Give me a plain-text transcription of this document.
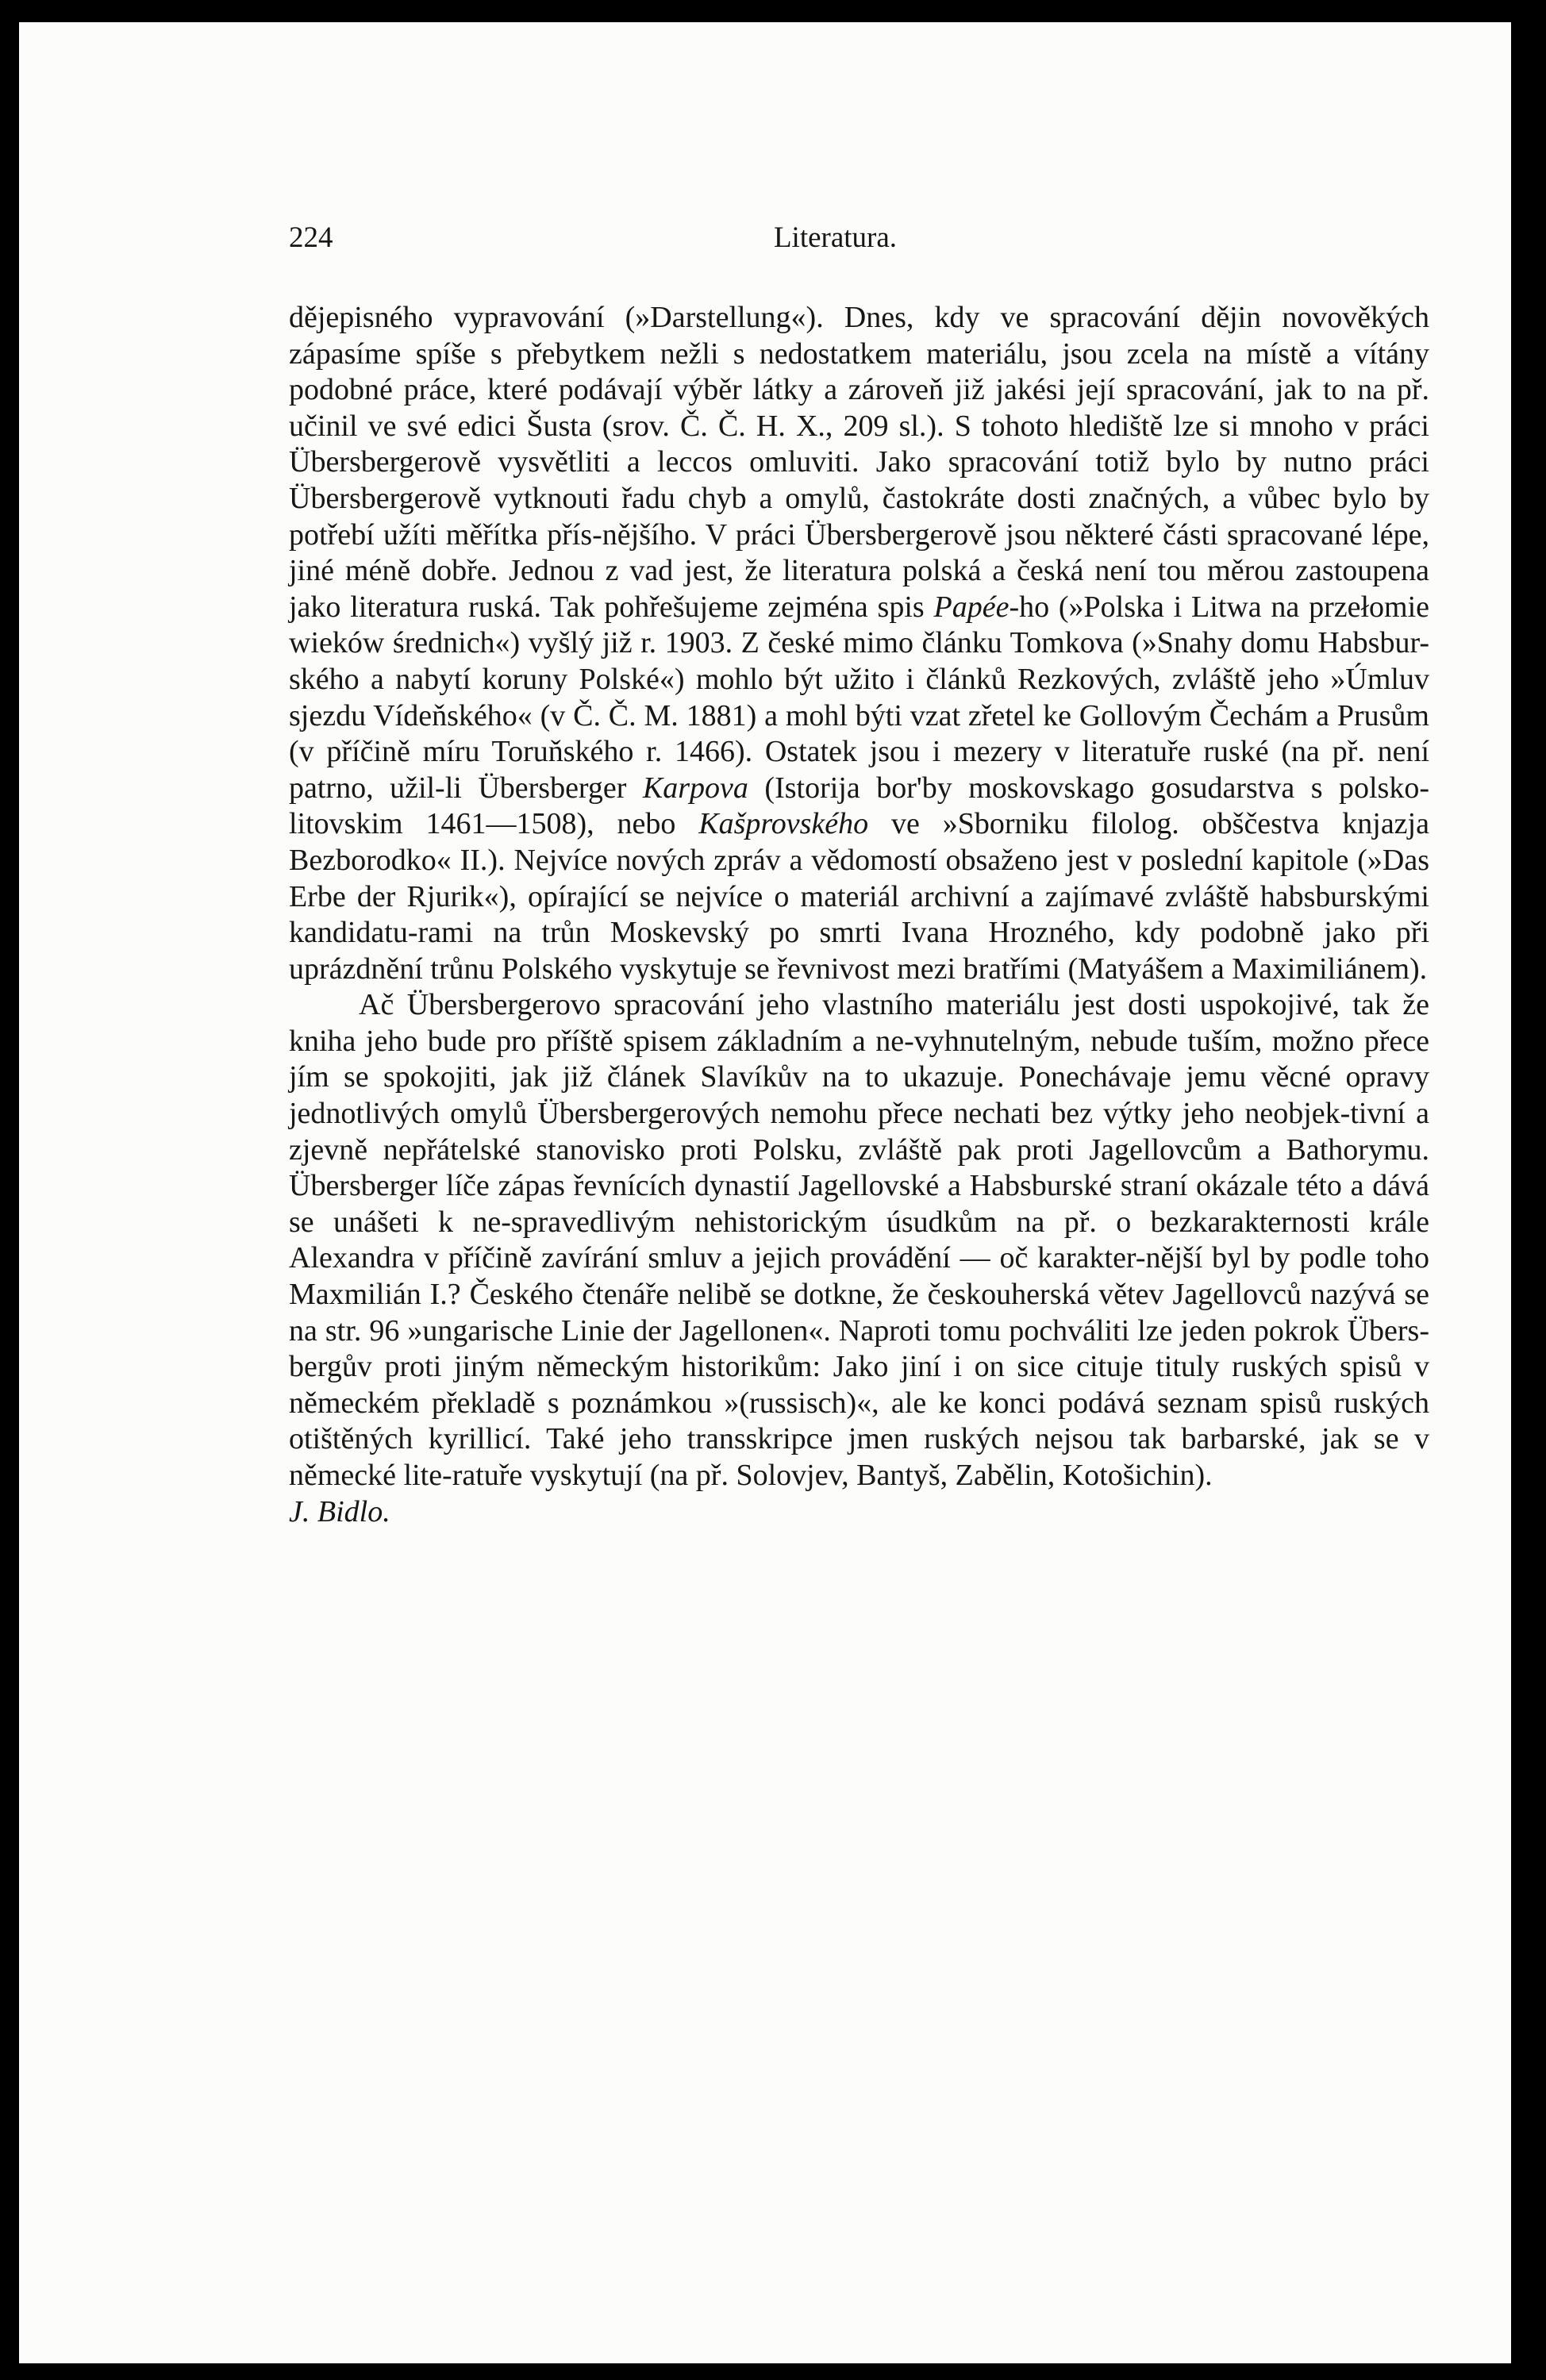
224	Literatura.

dějepisného vypravování (»Darstellung«). Dnes, kdy ve spracování dějin novověkých zápasíme spíše s přebytkem nežli s nedostatkem materiálu, jsou zcela na místě a vítány podobné práce, které podávají výběr látky a zároveň již jakési její spracování, jak to na př. učinil ve své edici Šusta (srov. Č. Č. H. X., 209 sl.). S tohoto hlediště lze si mnoho v práci Übersbergerově vysvětliti a leccos omluviti. Jako spracování totiž bylo by nutno práci Übersbergerově vytknouti řadu chyb a omylů, častokráte dosti značných, a vůbec bylo by potřebí užíti měřítka přís-nějšího. V práci Übersbergerově jsou některé části spracované lépe, jiné méně dobře. Jednou z vad jest, že literatura polská a česká není tou měrou zastoupena jako literatura ruská. Tak pohřešujeme zejména spis Papée-ho (»Polska i Litwa na przełomie wieków średnich«) vyšlý již r. 1903. Z české mimo článku Tomkova (»Snahy domu Habsbur-ského a nabytí koruny Polské«) mohlo být užito i článků Rezkových, zvláště jeho »Úmluv sjezdu Vídeňského« (v Č. Č. M. 1881) a mohl býti vzat zřetel ke Gollovým Čechám a Prusům (v příčině míru Toruňského r. 1466). Ostatek jsou i mezery v literatuře ruské (na př. není patrno, užil-li Übersberger Karpova (Istorija bor'by moskovskago gosudarstva s polsko-litovskim 1461—1508), nebo Kašprovského ve »Sborniku filolog. obščestva knjazja Bezborodko« II.). Nejvíce nových zpráv a vědomostí obsaženo jest v poslední kapitole (»Das Erbe der Rjurik«), opírající se nejvíce o materiál archivní a zajímavé zvláště habsburskými kandidatu-rami na trůn Moskevský po smrti Ivana Hrozného, kdy podobně jako při uprázdnění trůnu Polského vyskytuje se řevnivost mezi bratřími (Matyášem a Maximiliánem).

Ač Übersbergerovo spracování jeho vlastního materiálu jest dosti uspokojivé, tak že kniha jeho bude pro příště spisem základním a ne-vyhnutelným, nebude tuším, možno přece jím se spokojiti, jak již článek Slavíkův na to ukazuje. Ponechávaje jemu věcné opravy jednotlivých omylů Übersbergerových nemohu přece nechati bez výtky jeho neobjek-tivní a zjevně nepřátelské stanovisko proti Polsku, zvláště pak proti Jagellovcům a Bathorymu. Übersberger líče zápas řevnících dynastií Jagellovské a Habsburské straní okázale této a dává se unášeti k ne-spravedlivým nehistorickým úsudkům na př. o bezkarakternosti krále Alexandra v příčině zavírání smluv a jejich provádění — oč karakter-nější byl by podle toho Maxmilián I.? Českého čtenáře nelibě se dotkne, že českouherská větev Jagellovců nazývá se na str. 96 »ungarische Linie der Jagellonen«. Naproti tomu pochváliti lze jeden pokrok Übers-bergův proti jiným německým historikům: Jako jiní i on sice cituje tituly ruských spisů v německém překladě s poznámkou »(russisch)«, ale ke konci podává seznam spisů ruských otištěných kyrillicí. Také jeho transskripce jmen ruských nejsou tak barbarské, jak se v německé lite-ratuře vyskytují (na př. Solovjev, Bantyš, Zabělin, Kotošichin).

J. Bidlo.
